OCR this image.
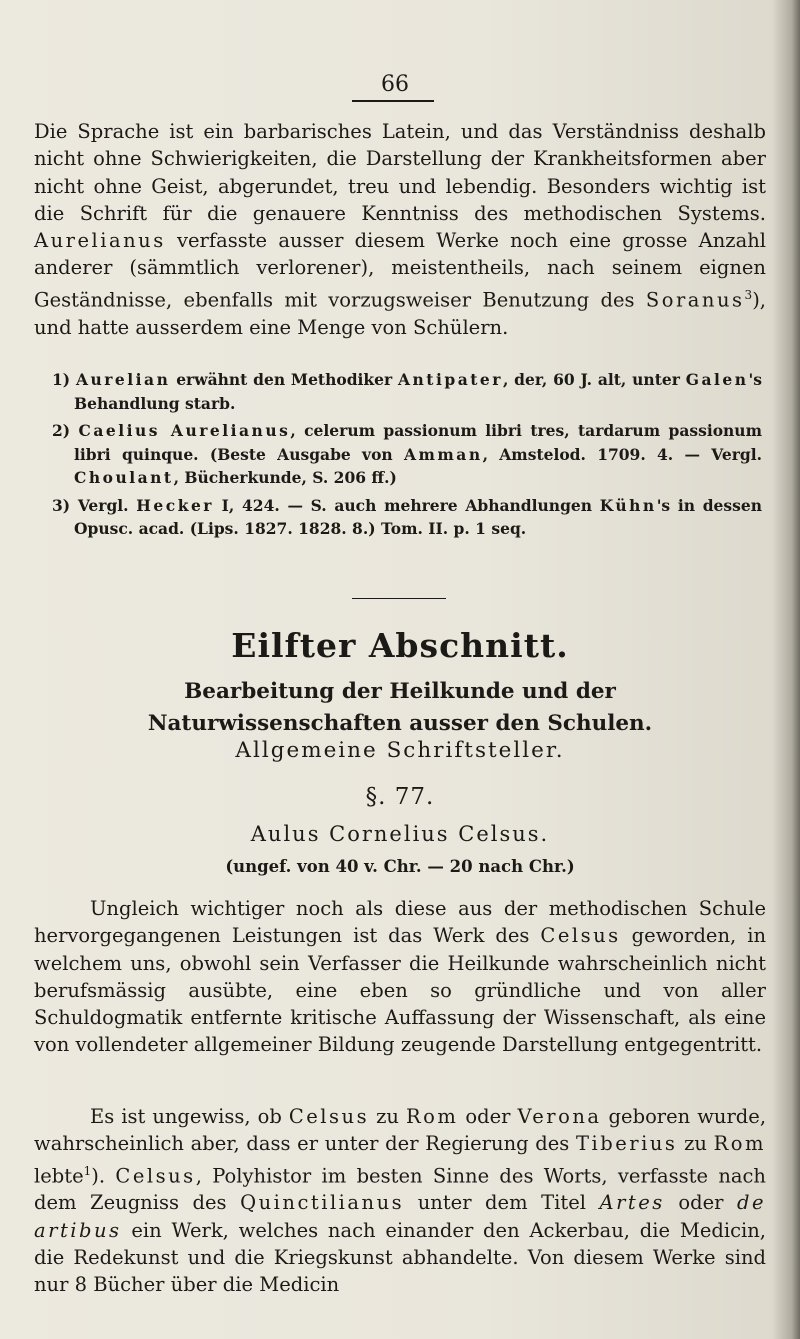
66

Die Sprache ist ein barbarisches Latein, und das Verständniss deshalb nicht ohne Schwierigkeiten, die Darstellung der Krankheitsformen aber nicht ohne Geist, abgerundet, treu und lebendig. Besonders wichtig ist die Schrift für die genauere Kenntniss des methodischen Systems. Aurelianus verfasste ausser diesem Werke noch eine grosse Anzahl anderer (sämmtlich verlorener), meistentheils, nach seinem eignen Geständnisse, ebenfalls mit vorzugsweiser Benutzung des Soranus$^3$), und hatte ausserdem eine Menge von Schülern.

1) Aurelian erwähnt den Methodiker Antipater, der, 60 J. alt, unter Galen's Behandlung starb.

2) Caelius Aurelianus, celerum passionum libri tres, tardarum passionum libri quinque. (Beste Ausgabe von Amman, Amstelod. 1709. 4. — Vergl. Choulant, Bücherkunde, S. 206 ff.)

3) Vergl. Hecker I, 424. — S. auch mehrere Abhandlungen Kühn's in dessen Opusc. acad. (Lips. 1827. 1828. 8.) Tom. II. p. 1 seq.

Eilfter Abschnitt.
Bearbeitung der Heilkunde und der Naturwissenschaften ausser den Schulen.
Allgemeine Schriftsteller.
§. 77.
Aulus Cornelius Celsus.
(ungef. von 40 v. Chr. — 20 nach Chr.)

Ungleich wichtiger noch als diese aus der methodischen Schule hervorgegangenen Leistungen ist das Werk des Celsus geworden, in welchem uns, obwohl sein Verfasser die Heilkunde wahrscheinlich nicht berufsmässig ausübte, eine eben so gründliche und von aller Schuldogmatik entfernte kritische Auffassung der Wissenschaft, als eine von vollendeter allgemeiner Bildung zeugende Darstellung entgegentritt.

Es ist ungewiss, ob Celsus zu Rom oder Verona geboren wurde, wahrscheinlich aber, dass er unter der Regierung des Tiberius zu Rom lebte$^1$). Celsus, Polyhistor im besten Sinne des Worts, verfasste nach dem Zeugniss des Quinctilianus unter dem Titel Artes oder de artibus ein Werk, welches nach einander den Ackerbau, die Medicin, die Redekunst und die Kriegskunst abhandelte. Von diesem Werke sind nur 8 Bücher über die Medicin
